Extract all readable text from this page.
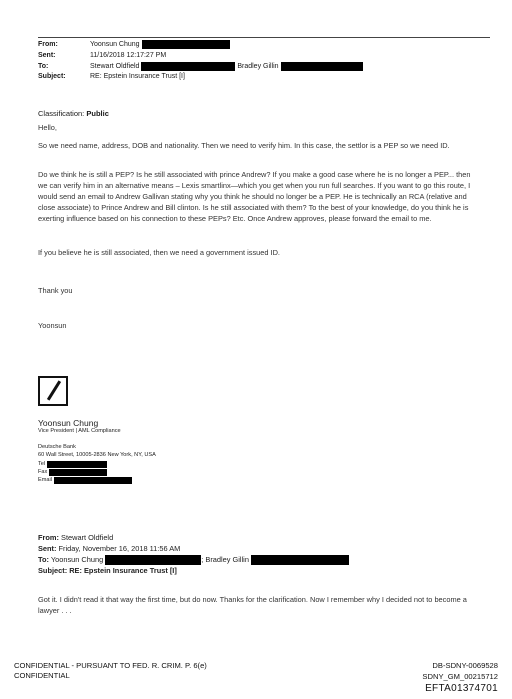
From:	Yoonsun Chung
Sent:	11/16/2018 12:17:27 PM
To:	Stewart Oldfield	Bradley Gillin
Subject:	RE: Epstein Insurance Trust [I]
Classification: Public
Hello,
So we need name, address, DOB and nationality. Then we need to verify him. In this case, the settlor is a PEP so we need ID.
Do we think he is still a PEP? Is he still associated with prince Andrew? If you make a good case where he is no longer a PEP... then we can verify him in an alternative means – Lexis smartlinx—which you get when you run full searches. If you want to go this route, I would send an email to Andrew Gallivan stating why you think he should no longer be a PEP. He is technically an RCA (relative and close associate) to Prince Andrew and Bill clinton. Is he still associated with them? To the best of your knowledge, do you think he is exerting influence based on his connection to these PEPs? Etc. Once Andrew approves, please forward the email to me.
If you believe he is still associated, then we need a government issued ID.
Thank you
Yoonsun
Yoonsun Chung
Vice President | AML Compliance
Deutsche Bank
60 Wall Street, 10005-2836 New York, NY, USA
Tel
Fax
Email
From: Stewart Oldfield
Sent: Friday, November 16, 2018 11:56 AM
To: Yoonsun Chung	; Bradley Gillin
Subject: RE: Epstein Insurance Trust [I]
Got it. I didn't read it that way the first time, but do now. Thanks for the clarification. Now I remember why I decided not to become a lawyer . . .
CONFIDENTIAL - PURSUANT TO FED. R. CRIM. P. 6(e)
CONFIDENTIAL
DB-SDNY-0069528
SDNY_GM_00215712
EFTA01374701
